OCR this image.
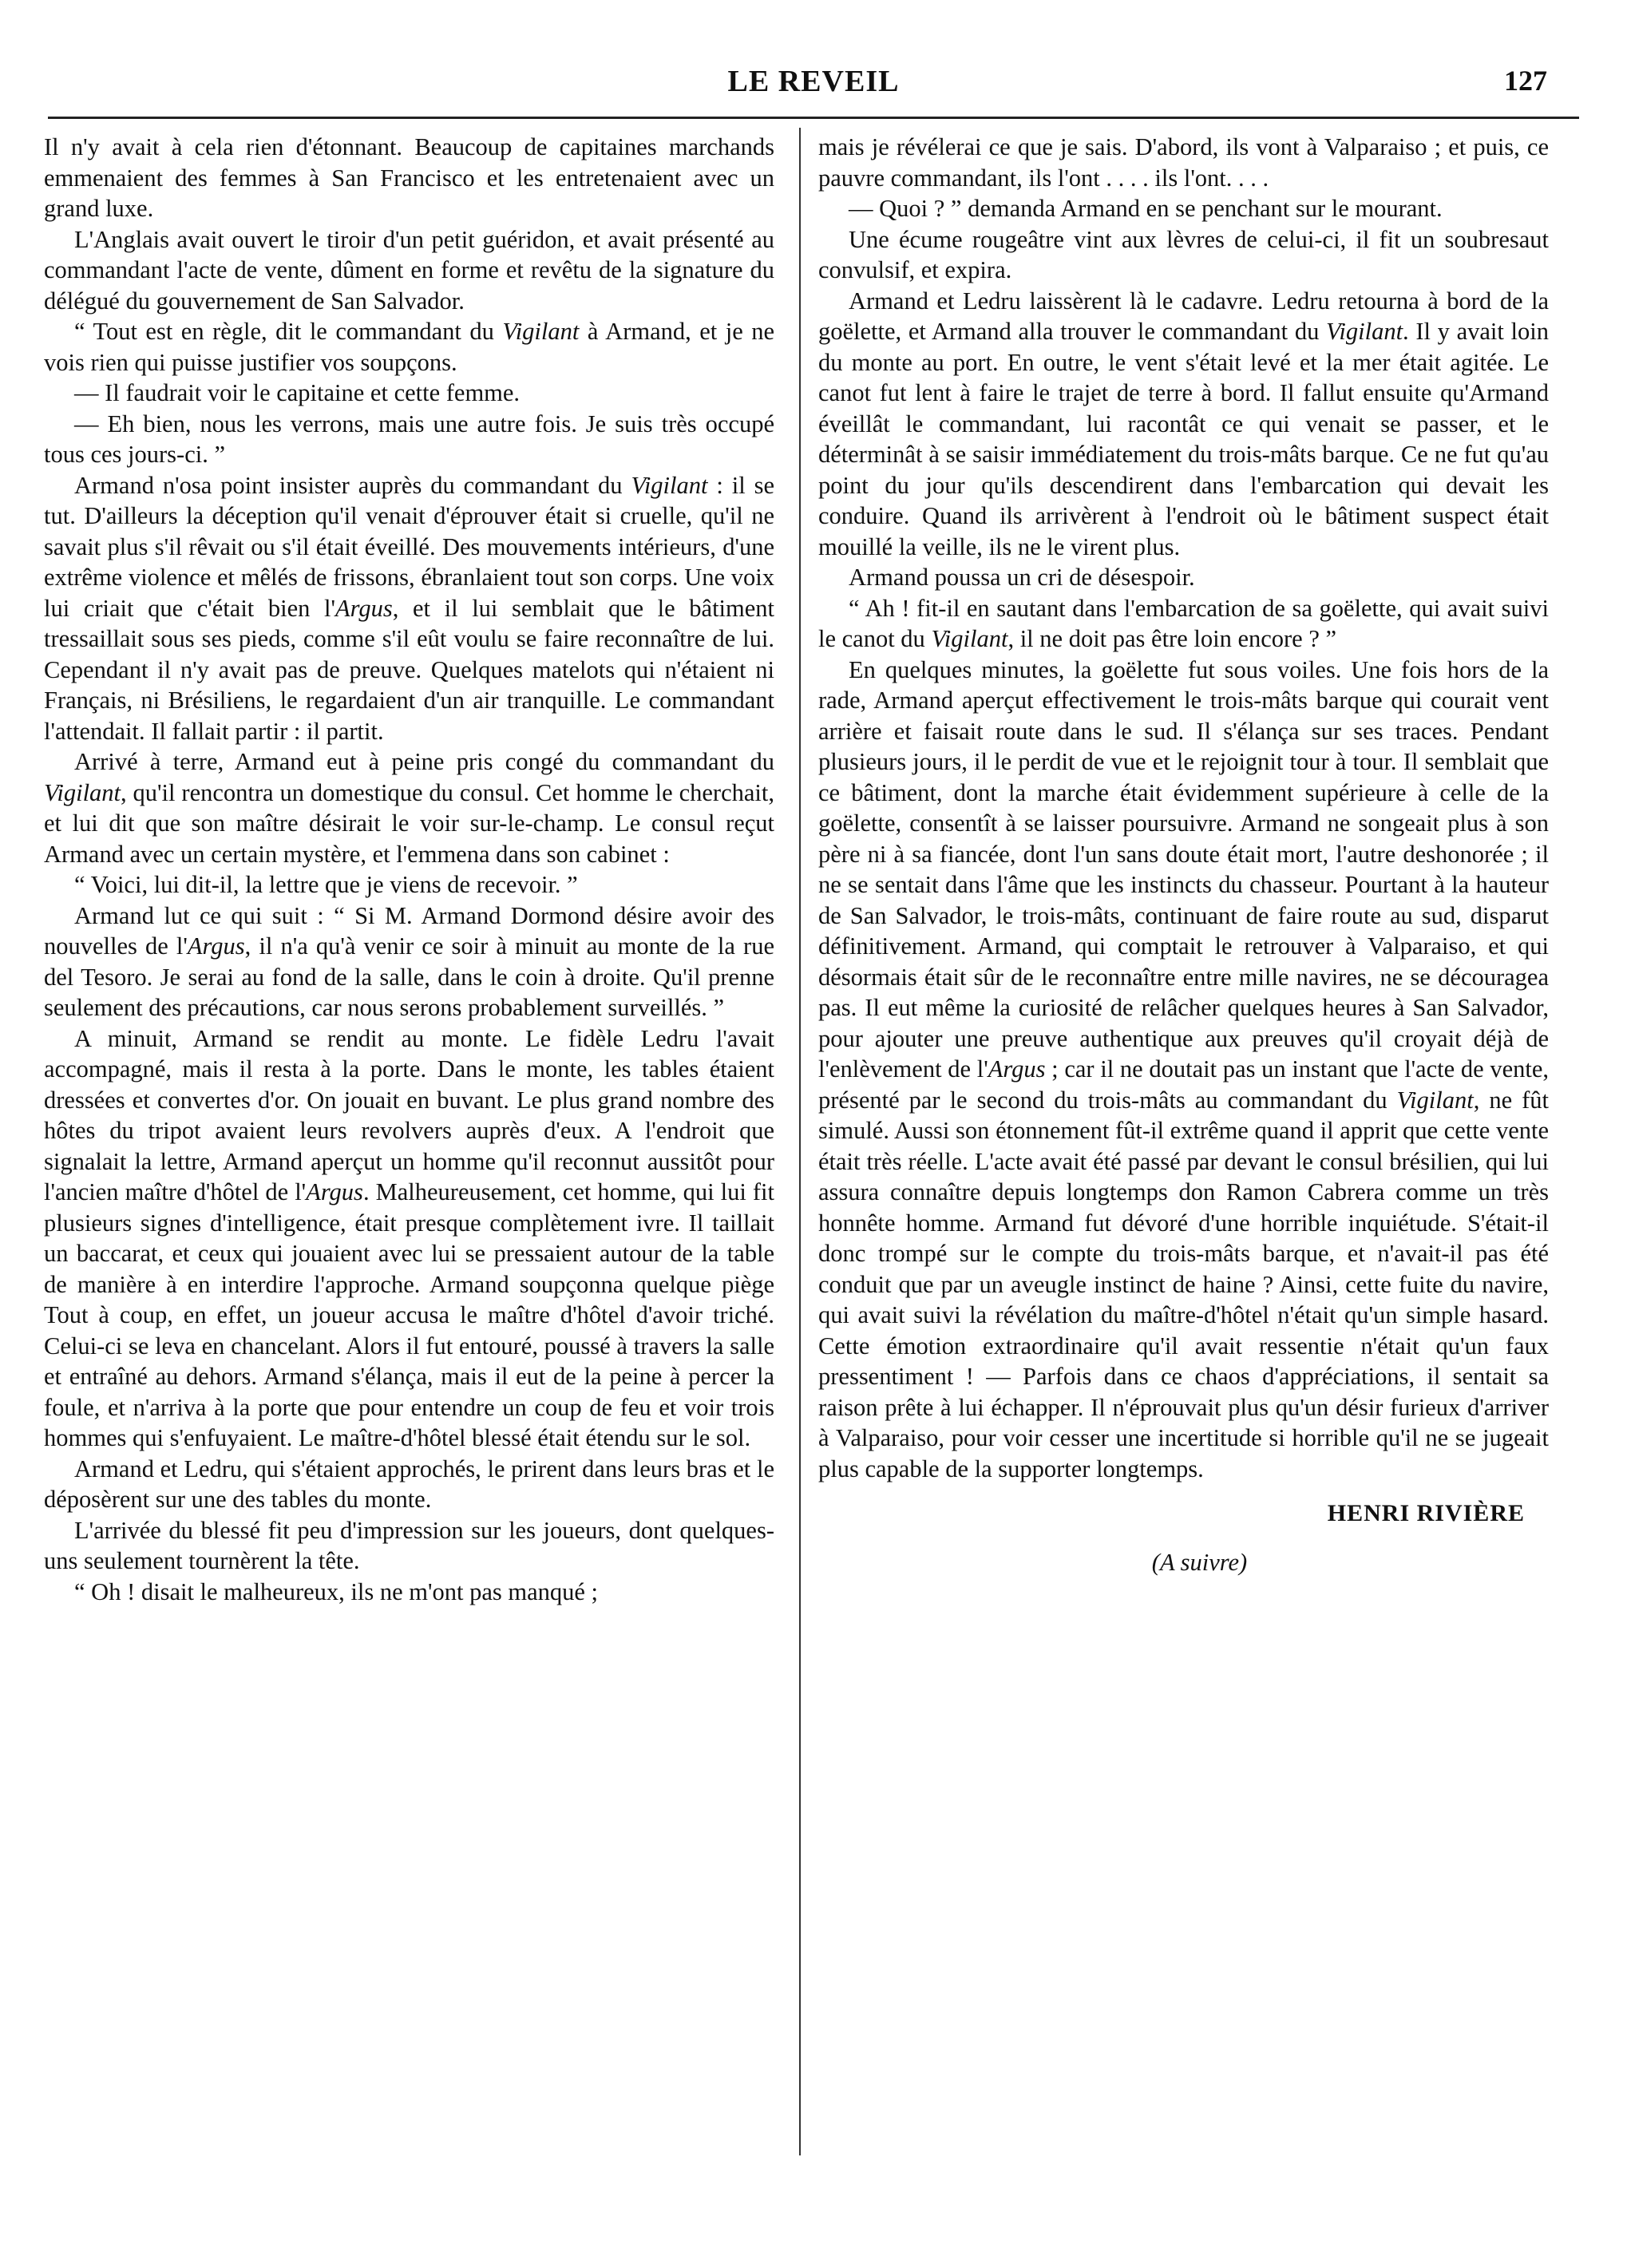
LE REVEIL	127

Il n'y avait à cela rien d'étonnant. Beaucoup de capitaines marchands emmenaient des femmes à San Francisco et les entretenaient avec un grand luxe.

L'Anglais avait ouvert le tiroir d'un petit guéridon, et avait présenté au commandant l'acte de vente, dûment en forme et revêtu de la signature du délégué du gouvernement de San Salvador.

“ Tout est en règle, dit le commandant du Vigilant à Armand, et je ne vois rien qui puisse justifier vos soupçons.

— Il faudrait voir le capitaine et cette femme.

— Eh bien, nous les verrons, mais une autre fois. Je suis très occupé tous ces jours-ci. ”

Armand n'osa point insister auprès du commandant du Vigilant : il se tut. D'ailleurs la déception qu'il venait d'éprouver était si cruelle, qu'il ne savait plus s'il rêvait ou s'il était éveillé. Des mouvements intérieurs, d'une extrême violence et mêlés de frissons, ébranlaient tout son corps. Une voix lui criait que c'était bien l'Argus, et il lui semblait que le bâtiment tressaillait sous ses pieds, comme s'il eût voulu se faire reconnaître de lui. Cependant il n'y avait pas de preuve. Quelques matelots qui n'étaient ni Français, ni Brésiliens, le regardaient d'un air tranquille. Le commandant l'attendait. Il fallait partir : il partit.

Arrivé à terre, Armand eut à peine pris congé du commandant du Vigilant, qu'il rencontra un domestique du consul. Cet homme le cherchait, et lui dit que son maître désirait le voir sur-le-champ. Le consul reçut Armand avec un certain mystère, et l'emmena dans son cabinet :

“ Voici, lui dit-il, la lettre que je viens de recevoir. ”

Armand lut ce qui suit : “ Si M. Armand Dormond désire avoir des nouvelles de l'Argus, il n'a qu'à venir ce soir à minuit au monte de la rue del Tesoro. Je serai au fond de la salle, dans le coin à droite. Qu'il prenne seulement des précautions, car nous serons probablement surveillés. ”

A minuit, Armand se rendit au monte. Le fidèle Ledru l'avait accompagné, mais il resta à la porte. Dans le monte, les tables étaient dressées et convertes d'or. On jouait en buvant. Le plus grand nombre des hôtes du tripot avaient leurs revolvers auprès d'eux. A l'endroit que signalait la lettre, Armand aperçut un homme qu'il reconnut aussitôt pour l'ancien maître d'hôtel de l'Argus. Malheureusement, cet homme, qui lui fit plusieurs signes d'intelligence, était presque complètement ivre. Il taillait un baccarat, et ceux qui jouaient avec lui se pressaient autour de la table de manière à en interdire l'approche. Armand soupçonna quelque piège Tout à coup, en effet, un joueur accusa le maître d'hôtel d'avoir triché. Celui-ci se leva en chancelant. Alors il fut entouré, poussé à travers la salle et entraîné au dehors. Armand s'élança, mais il eut de la peine à percer la foule, et n'arriva à la porte que pour entendre un coup de feu et voir trois hommes qui s'enfuyaient. Le maître-d'hôtel blessé était étendu sur le sol.

Armand et Ledru, qui s'étaient approchés, le prirent dans leurs bras et le déposèrent sur une des tables du monte.

L'arrivée du blessé fit peu d'impression sur les joueurs, dont quelques-uns seulement tournèrent la tête.

“ Oh ! disait le malheureux, ils ne m'ont pas manqué ;

mais je révélerai ce que je sais. D'abord, ils vont à Valparaiso ; et puis, ce pauvre commandant, ils l'ont . . . . ils l'ont. . . .

— Quoi ? ” demanda Armand en se penchant sur le mourant.

Une écume rougeâtre vint aux lèvres de celui-ci, il fit un soubresaut convulsif, et expira.

Armand et Ledru laissèrent là le cadavre. Ledru retourna à bord de la goëlette, et Armand alla trouver le commandant du Vigilant. Il y avait loin du monte au port. En outre, le vent s'était levé et la mer était agitée. Le canot fut lent à faire le trajet de terre à bord. Il fallut ensuite qu'Armand éveillât le commandant, lui racontât ce qui venait se passer, et le déterminât à se saisir immédiatement du trois-mâts barque. Ce ne fut qu'au point du jour qu'ils descendirent dans l'embarcation qui devait les conduire. Quand ils arrivèrent à l'endroit où le bâtiment suspect était mouillé la veille, ils ne le virent plus.

Armand poussa un cri de désespoir.

“ Ah ! fit-il en sautant dans l'embarcation de sa goëlette, qui avait suivi le canot du Vigilant, il ne doit pas être loin encore ? ”

En quelques minutes, la goëlette fut sous voiles. Une fois hors de la rade, Armand aperçut effectivement le trois-mâts barque qui courait vent arrière et faisait route dans le sud. Il s'élança sur ses traces. Pendant plusieurs jours, il le perdit de vue et le rejoignit tour à tour. Il semblait que ce bâtiment, dont la marche était évidemment supérieure à celle de la goëlette, consentît à se laisser poursuivre. Armand ne songeait plus à son père ni à sa fiancée, dont l'un sans doute était mort, l'autre deshonorée ; il ne se sentait dans l'âme que les instincts du chasseur. Pourtant à la hauteur de San Salvador, le trois-mâts, continuant de faire route au sud, disparut définitivement. Armand, qui comptait le retrouver à Valparaiso, et qui désormais était sûr de le reconnaître entre mille navires, ne se découragea pas. Il eut même la curiosité de relâcher quelques heures à San Salvador, pour ajouter une preuve authentique aux preuves qu'il croyait déjà de l'enlèvement de l'Argus ; car il ne doutait pas un instant que l'acte de vente, présenté par le second du trois-mâts au commandant du Vigilant, ne fût simulé. Aussi son étonnement fût-il extrême quand il apprit que cette vente était très réelle. L'acte avait été passé par devant le consul brésilien, qui lui assura connaître depuis longtemps don Ramon Cabrera comme un très honnête homme. Armand fut dévoré d'une horrible inquiétude. S'était-il donc trompé sur le compte du trois-mâts barque, et n'avait-il pas été conduit que par un aveugle instinct de haine ? Ainsi, cette fuite du navire, qui avait suivi la révélation du maître-d'hôtel n'était qu'un simple hasard. Cette émotion extraordinaire qu'il avait ressentie n'était qu'un faux pressentiment ! — Parfois dans ce chaos d'appréciations, il sentait sa raison prête à lui échapper. Il n'éprouvait plus qu'un désir furieux d'arriver à Valparaiso, pour voir cesser une incertitude si horrible qu'il ne se jugeait plus capable de la supporter longtemps.

HENRI RIVIÈRE
(A suivre)
